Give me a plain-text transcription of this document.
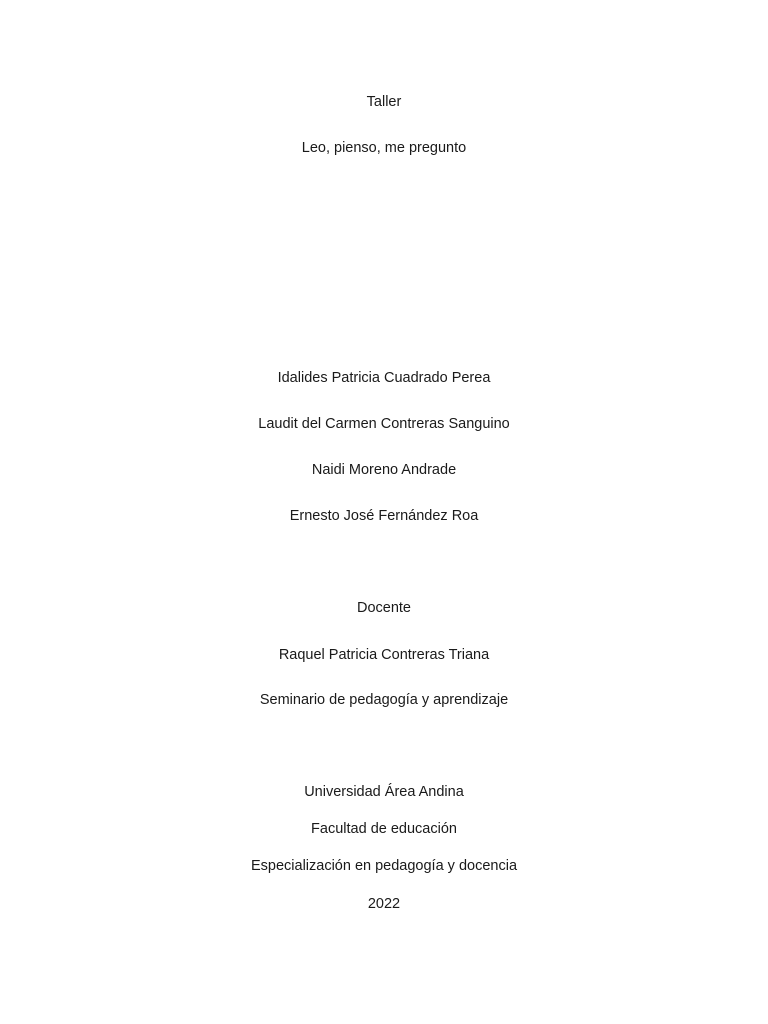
Taller
Leo, pienso, me pregunto
Idalides Patricia Cuadrado Perea
Laudit del Carmen Contreras Sanguino
Naidi Moreno Andrade
Ernesto José Fernández Roa
Docente
Raquel Patricia Contreras Triana
Seminario de pedagogía y aprendizaje
Universidad Área Andina
Facultad de educación
Especialización en pedagogía y docencia
2022
